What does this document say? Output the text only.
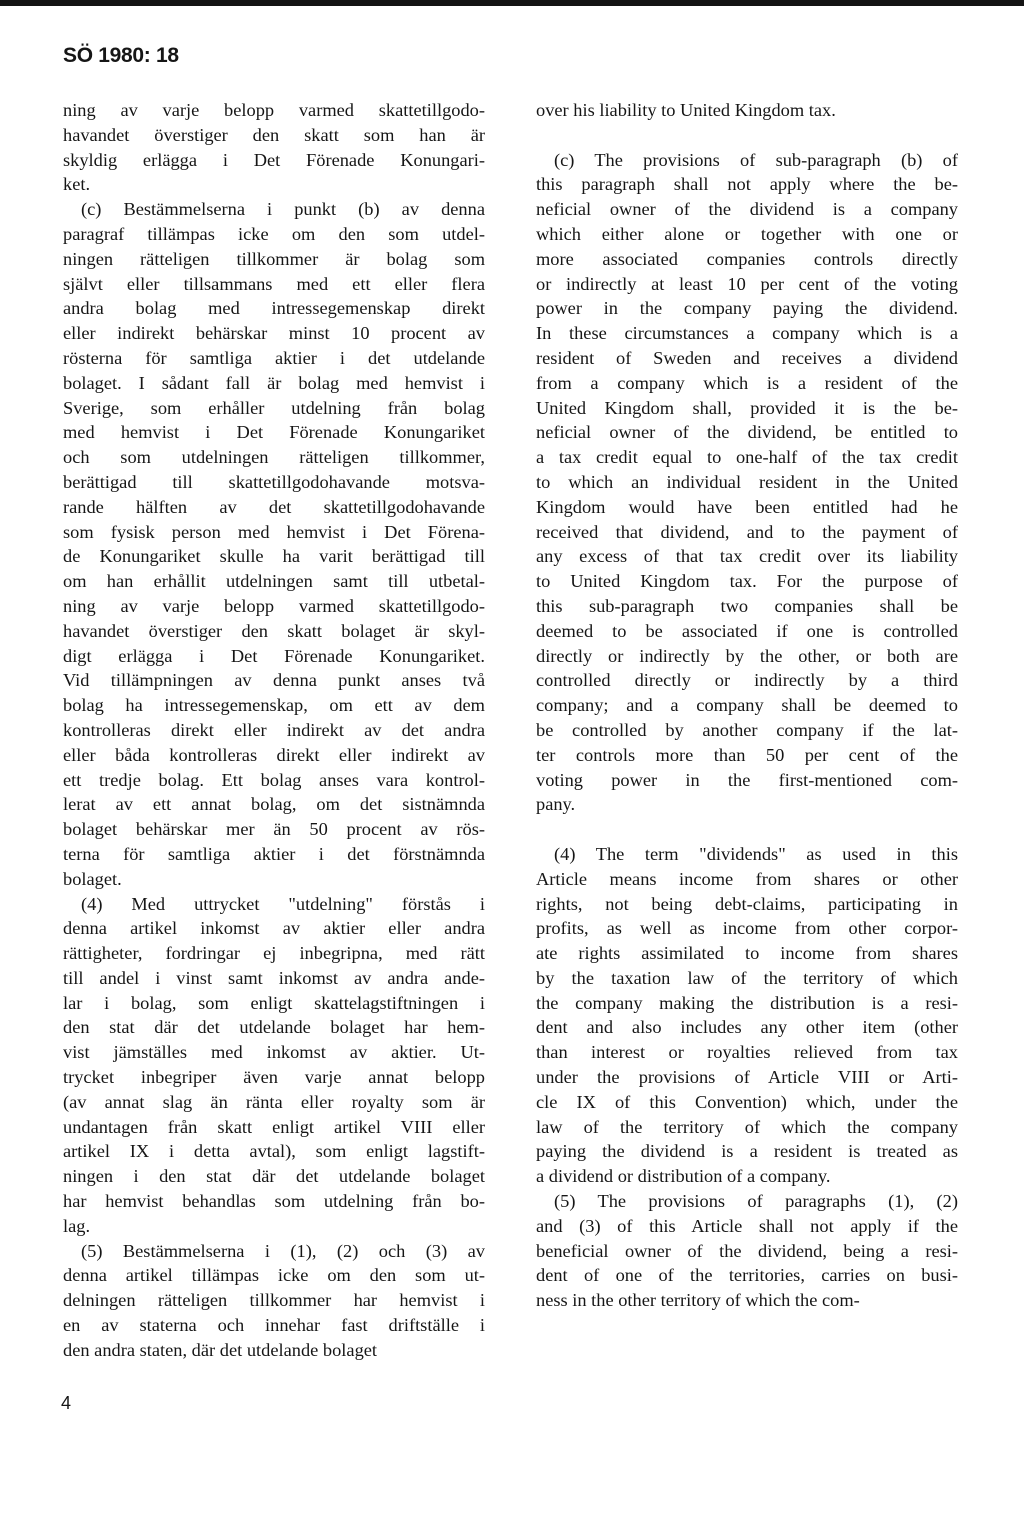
SÖ 1980: 18
ning av varje belopp varmed skattetillgodo-
havandet överstiger den skatt som han är
skyldig erlägga i Det Förenade Konungari-
ket.
(c) Bestämmelserna i punkt (b) av denna
paragraf tillämpas icke om den som utdel-
ningen rätteligen tillkommer är bolag som
självt eller tillsammans med ett eller flera
andra bolag med intressegemenskap direkt
eller indirekt behärskar minst 10 procent av
rösterna för samtliga aktier i det utdelande
bolaget. I sådant fall är bolag med hemvist i
Sverige, som erhåller utdelning från bolag
med hemvist i Det Förenade Konungariket
och som utdelningen rätteligen tillkommer,
berättigad till skattetillgodohavande motsva-
rande hälften av det skattetillgodohavande
som fysisk person med hemvist i Det Förena-
de Konungariket skulle ha varit berättigad till
om han erhållit utdelningen samt till utbetal-
ning av varje belopp varmed skattetillgodo-
havandet överstiger den skatt bolaget är skyl-
digt erlägga i Det Förenade Konungariket.
Vid tillämpningen av denna punkt anses två
bolag ha intressegemenskap, om ett av dem
kontrolleras direkt eller indirekt av det andra
eller båda kontrolleras direkt eller indirekt av
ett tredje bolag. Ett bolag anses vara kontrol-
lerat av ett annat bolag, om det sistnämnda
bolaget behärskar mer än 50 procent av rös-
terna för samtliga aktier i det förstnämnda
bolaget.
(4) Med uttrycket "utdelning" förstås i
denna artikel inkomst av aktier eller andra
rättigheter, fordringar ej inbegripna, med rätt
till andel i vinst samt inkomst av andra ande-
lar i bolag, som enligt skattelagstiftningen i
den stat där det utdelande bolaget har hem-
vist jämställes med inkomst av aktier. Ut-
trycket inbegriper även varje annat belopp
(av annat slag än ränta eller royalty som är
undantagen från skatt enligt artikel VIII eller
artikel IX i detta avtal), som enligt lagstift-
ningen i den stat där det utdelande bolaget
har hemvist behandlas som utdelning från bo-
lag.
(5) Bestämmelserna i (1), (2) och (3) av
denna artikel tillämpas icke om den som ut-
delningen rätteligen tillkommer har hemvist i
en av staterna och innehar fast driftställe i
den andra staten, där det utdelande bolaget
over his liability to United Kingdom tax.
(c) The provisions of sub-paragraph (b) of
this paragraph shall not apply where the be-
neficial owner of the dividend is a company
which either alone or together with one or
more associated companies controls directly
or indirectly at least 10 per cent of the voting
power in the company paying the dividend.
In these circumstances a company which is a
resident of Sweden and receives a dividend
from a company which is a resident of the
United Kingdom shall, provided it is the be-
neficial owner of the dividend, be entitled to
a tax credit equal to one-half of the tax credit
to which an individual resident in the United
Kingdom would have been entitled had he
received that dividend, and to the payment of
any excess of that tax credit over its liability
to United Kingdom tax. For the purpose of
this sub-paragraph two companies shall be
deemed to be associated if one is controlled
directly or indirectly by the other, or both are
controlled directly or indirectly by a third
company; and a company shall be deemed to
be controlled by another company if the lat-
ter controls more than 50 per cent of the
voting power in the first-mentioned com-
pany.
(4) The term "dividends" as used in this
Article means income from shares or other
rights, not being debt-claims, participating in
profits, as well as income from other corpor-
ate rights assimilated to income from shares
by the taxation law of the territory of which
the company making the distribution is a resi-
dent and also includes any other item (other
than interest or royalties relieved from tax
under the provisions of Article VIII or Arti-
cle IX of this Convention) which, under the
law of the territory of which the company
paying the dividend is a resident is treated as
a dividend or distribution of a company.
(5) The provisions of paragraphs (1), (2)
and (3) of this Article shall not apply if the
beneficial owner of the dividend, being a resi-
dent of one of the territories, carries on busi-
ness in the other territory of which the com-
4
